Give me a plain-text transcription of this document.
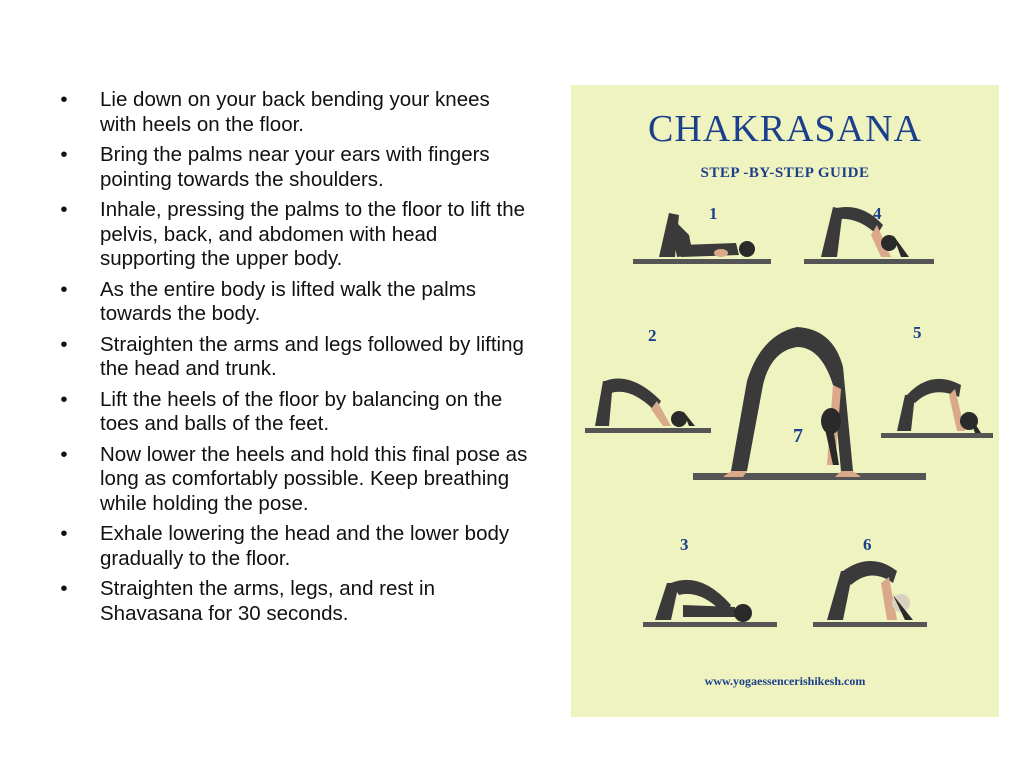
• Lie down on your back bending your knees with heels on the floor.
• Bring the palms near your ears with fingers pointing towards the shoulders.
• Inhale, pressing the palms to the floor to lift the pelvis, back, and abdomen with head supporting the upper body.
• As the entire body is lifted walk the palms towards the body.
• Straighten the arms and legs followed by lifting the head and trunk.
• Lift the heels of the floor by balancing on the toes and balls of the feet.
• Now lower the heels and hold this final pose as long as comfortably possible. Keep breathing while holding the pose.
• Exhale lowering the head and the lower body gradually to the floor.
• Straighten the arms, legs, and rest in Shavasana for 30 seconds.
CHAKRASANA
STEP -BY-STEP GUIDE
1
2
3
4
5
6
7
www.yogaessencerishikesh.com
